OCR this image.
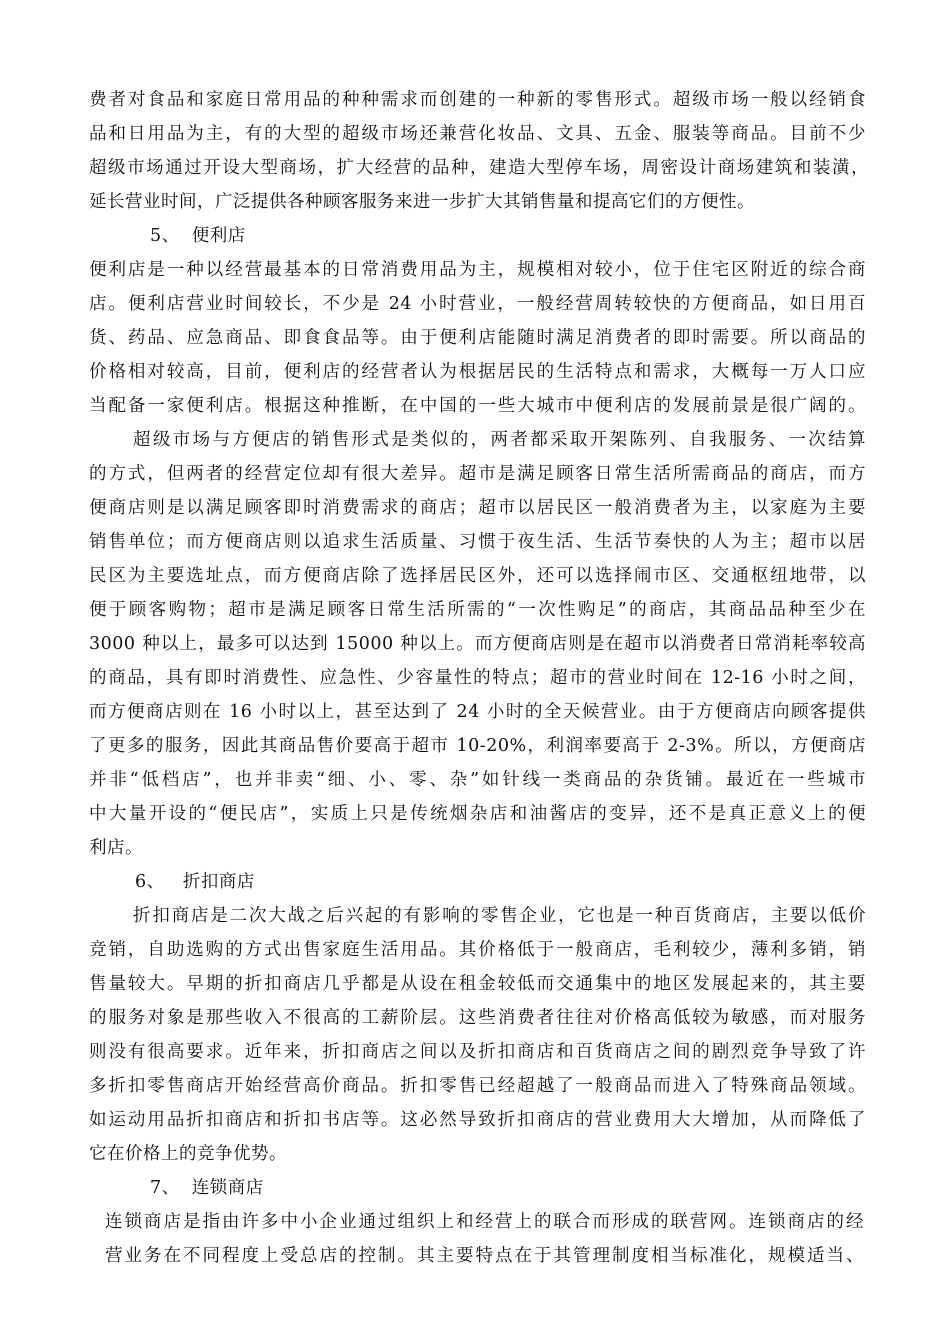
费者对食品和家庭日常用品的种种需求而创建的一种新的零售形式。超级市场一般以经销食
品和日用品为主，有的大型的超级市场还兼营化妆品、文具、五金、服装等商品。目前不少
超级市场通过开设大型商场，扩大经营的品种，建造大型停车场，周密设计商场建筑和装潢，
延长营业时间，广泛提供各种顾客服务来进一步扩大其销售量和提高它们的方便性。
5、  便利店
便利店是一种以经营最基本的日常消费用品为主，规模相对较小，位于住宅区附近的综合商
店。便利店营业时间较长，不少是 24 小时营业，一般经营周转较快的方便商品，如日用百
货、药品、应急商品、即食食品等。由于便利店能随时满足消费者的即时需要。所以商品的
价格相对较高，目前，便利店的经营者认为根据居民的生活特点和需求，大概每一万人口应
当配备一家便利店。根据这种推断，在中国的一些大城市中便利店的发展前景是很广阔的。
超级市场与方便店的销售形式是类似的，两者都采取开架陈列、自我服务、一次结算
的方式，但两者的经营定位却有很大差异。超市是满足顾客日常生活所需商品的商店，而方
便商店则是以满足顾客即时消费需求的商店；超市以居民区一般消费者为主，以家庭为主要
销售单位；而方便商店则以追求生活质量、习惯于夜生活、生活节奏快的人为主；超市以居
民区为主要选址点，而方便商店除了选择居民区外，还可以选择闹市区、交通枢纽地带，以
便于顾客购物；超市是满足顾客日常生活所需的“一次性购足”的商店，其商品品种至少在
3000 种以上，最多可以达到 15000 种以上。而方便商店则是在超市以消费者日常消耗率较高
的商品，具有即时消费性、应急性、少容量性的特点；超市的营业时间在 12-16 小时之间，
而方便商店则在 16 小时以上，甚至达到了 24 小时的全天候营业。由于方便商店向顾客提供
了更多的服务，因此其商品售价要高于超市 10-20%，利润率要高于 2-3%。所以，方便商店
并非“低档店”，也并非卖“细、小、零、杂”如针线一类商品的杂货铺。最近在一些城市
中大量开设的“便民店”，实质上只是传统烟杂店和油酱店的变异，还不是真正意义上的便
利店。
6、   折扣商店
折扣商店是二次大战之后兴起的有影响的零售企业，它也是一种百货商店，主要以低价
竞销，自助选购的方式出售家庭生活用品。其价格低于一般商店，毛利较少，薄利多销，销
售量较大。早期的折扣商店几乎都是从设在租金较低而交通集中的地区发展起来的，其主要
的服务对象是那些收入不很高的工薪阶层。这些消费者往往对价格高低较为敏感，而对服务
则没有很高要求。近年来，折扣商店之间以及折扣商店和百货商店之间的剧烈竞争导致了许
多折扣零售商店开始经营高价商品。折扣零售已经超越了一般商品而进入了特殊商品领域。
如运动用品折扣商店和折扣书店等。这必然导致折扣商店的营业费用大大增加，从而降低了
它在价格上的竞争优势。
7、  连锁商店
连锁商店是指由许多中小企业通过组织上和经营上的联合而形成的联营网。连锁商店的经
营业务在不同程度上受总店的控制。其主要特点在于其管理制度相当标准化，规模适当、
